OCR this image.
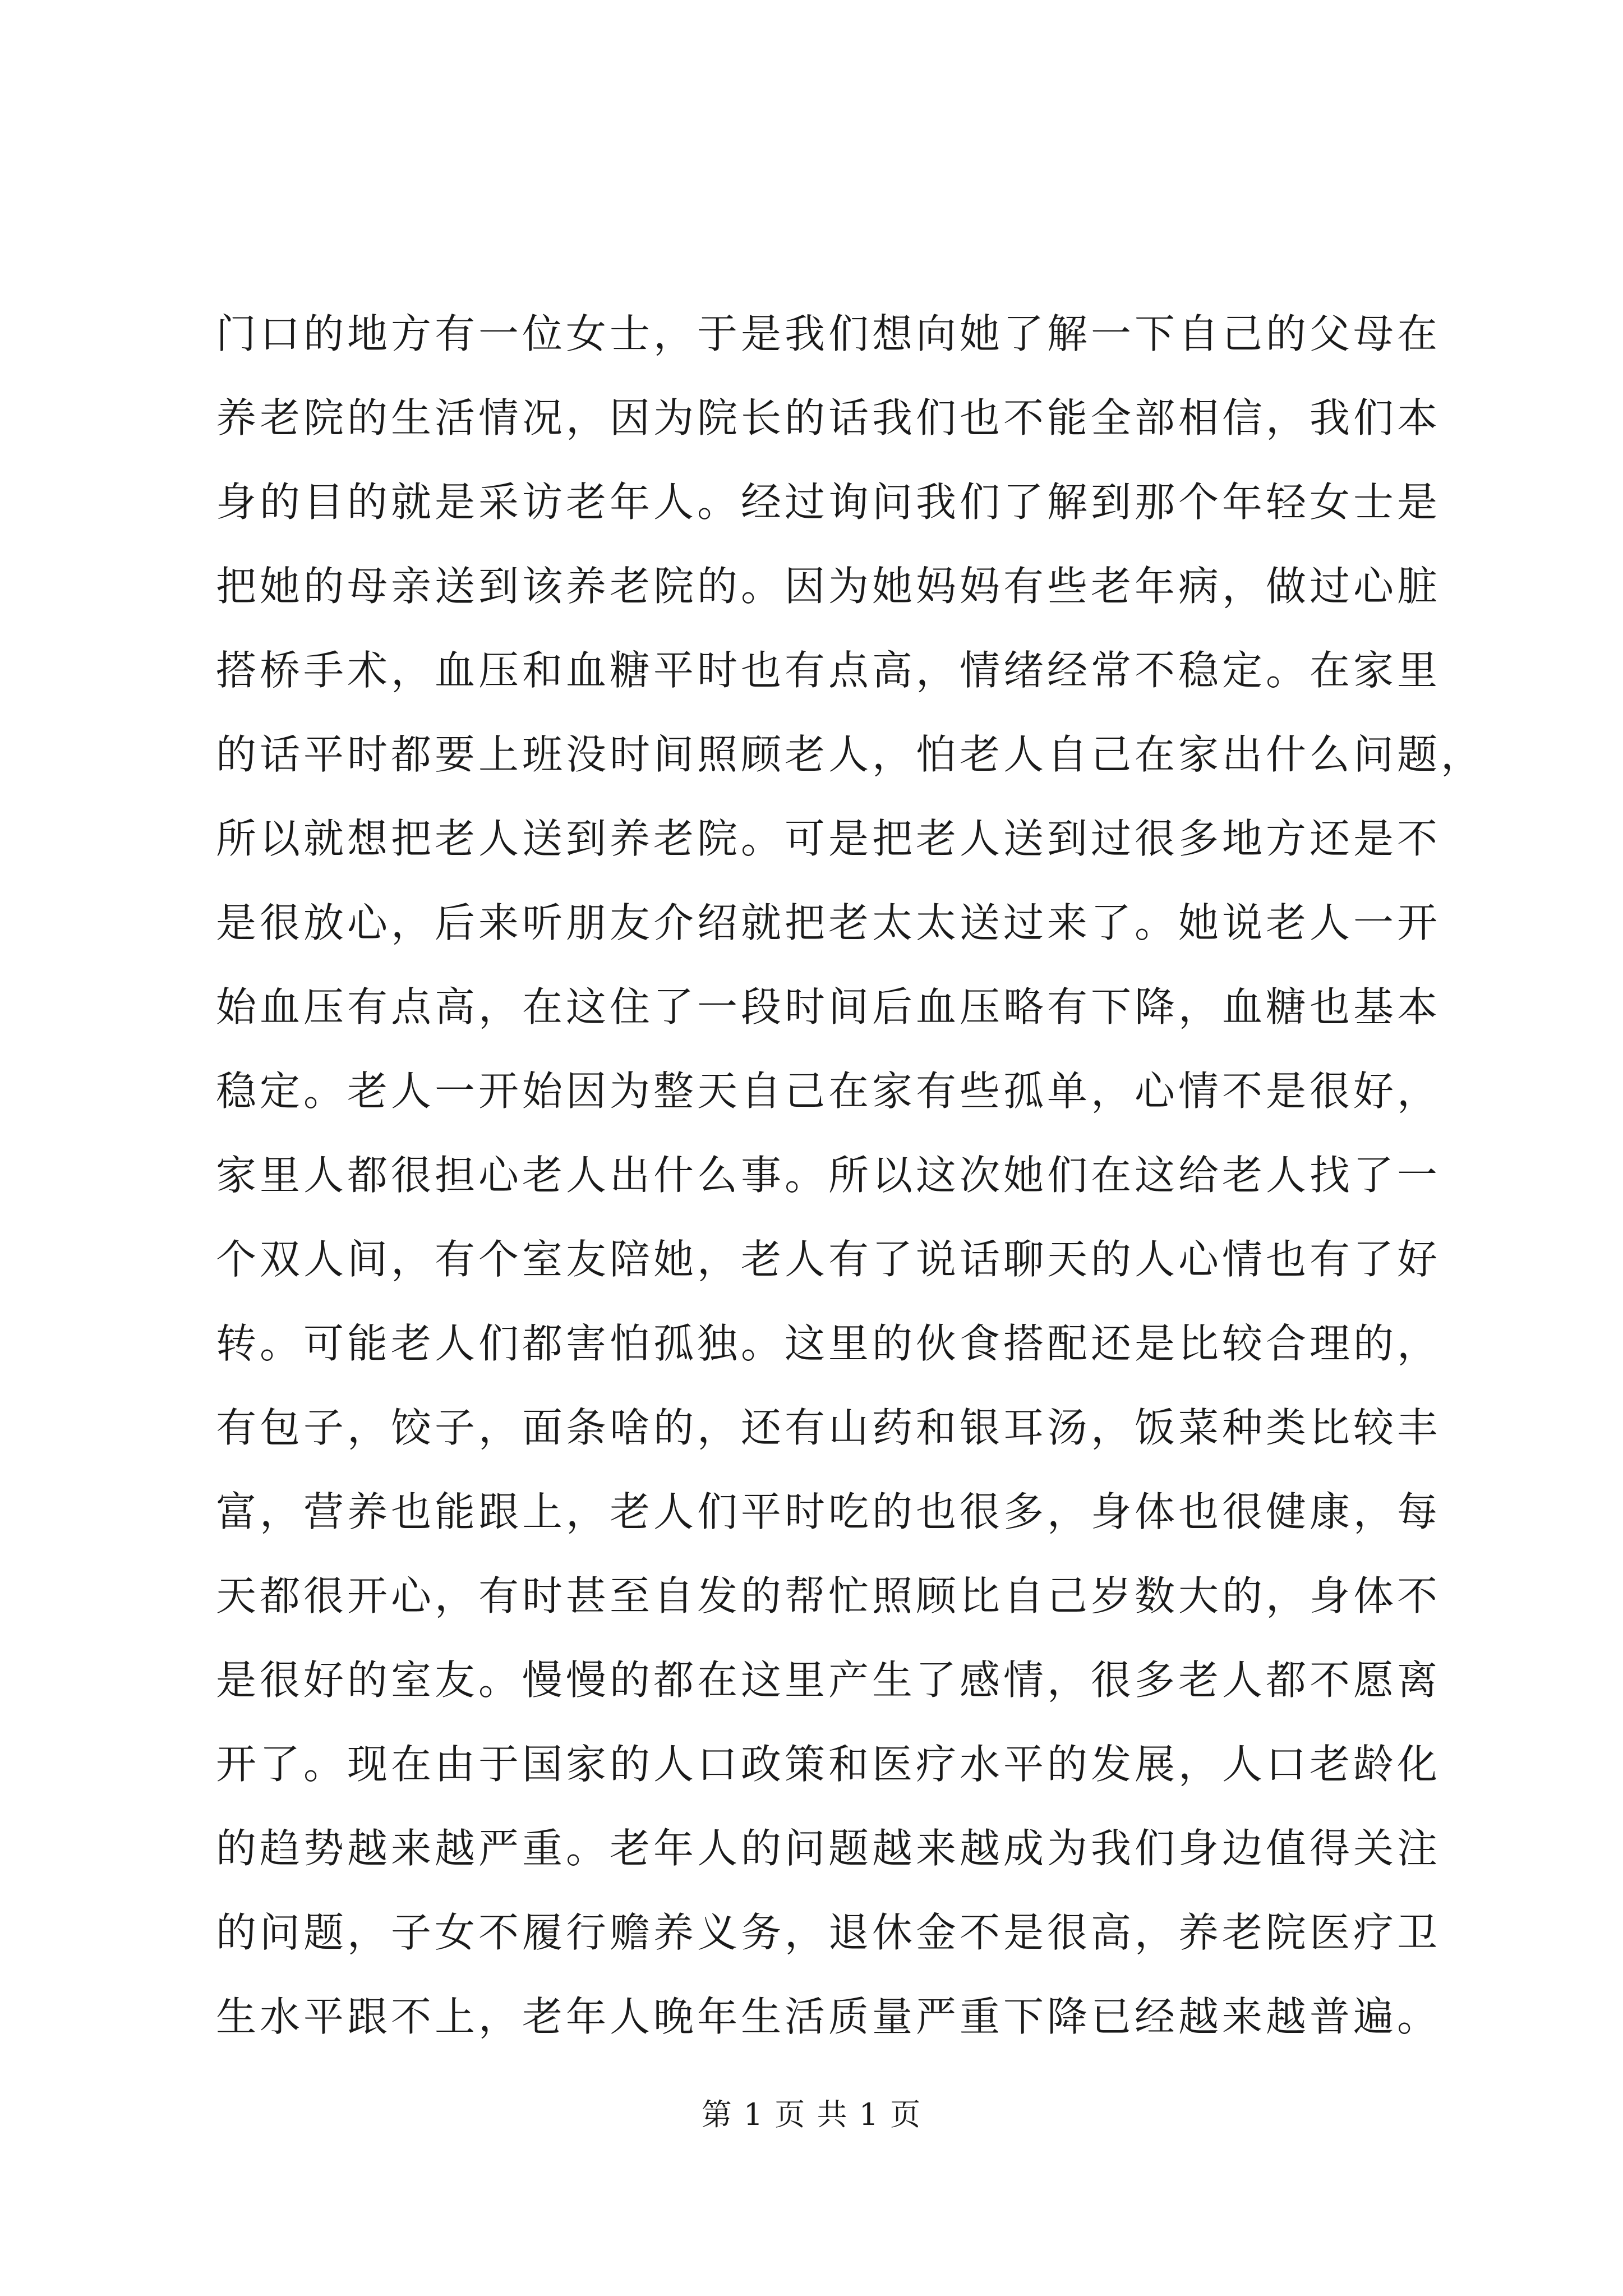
门口的地方有一位女士，于是我们想向她了解一下自己的父母在
养老院的生活情况，因为院长的话我们也不能全部相信，我们本
身的目的就是采访老年人。经过询问我们了解到那个年轻女士是
把她的母亲送到该养老院的。因为她妈妈有些老年病，做过心脏
搭桥手术，血压和血糖平时也有点高，情绪经常不稳定。在家里
的话平时都要上班没时间照顾老人，怕老人自己在家出什么问题，
所以就想把老人送到养老院。可是把老人送到过很多地方还是不
是很放心，后来听朋友介绍就把老太太送过来了。她说老人一开
始血压有点高，在这住了一段时间后血压略有下降，血糖也基本
稳定。老人一开始因为整天自己在家有些孤单，心情不是很好，
家里人都很担心老人出什么事。所以这次她们在这给老人找了一
个双人间，有个室友陪她，老人有了说话聊天的人心情也有了好
转。可能老人们都害怕孤独。这里的伙食搭配还是比较合理的，
有包子，饺子，面条啥的，还有山药和银耳汤，饭菜种类比较丰
富，营养也能跟上，老人们平时吃的也很多，身体也很健康，每
天都很开心，有时甚至自发的帮忙照顾比自己岁数大的，身体不
是很好的室友。慢慢的都在这里产生了感情，很多老人都不愿离
开了。现在由于国家的人口政策和医疗水平的发展，人口老龄化
的趋势越来越严重。老年人的问题越来越成为我们身边值得关注
的问题，子女不履行赡养义务，退休金不是很高，养老院医疗卫
生水平跟不上，老年人晚年生活质量严重下降已经越来越普遍。
第 1 页 共 1 页
